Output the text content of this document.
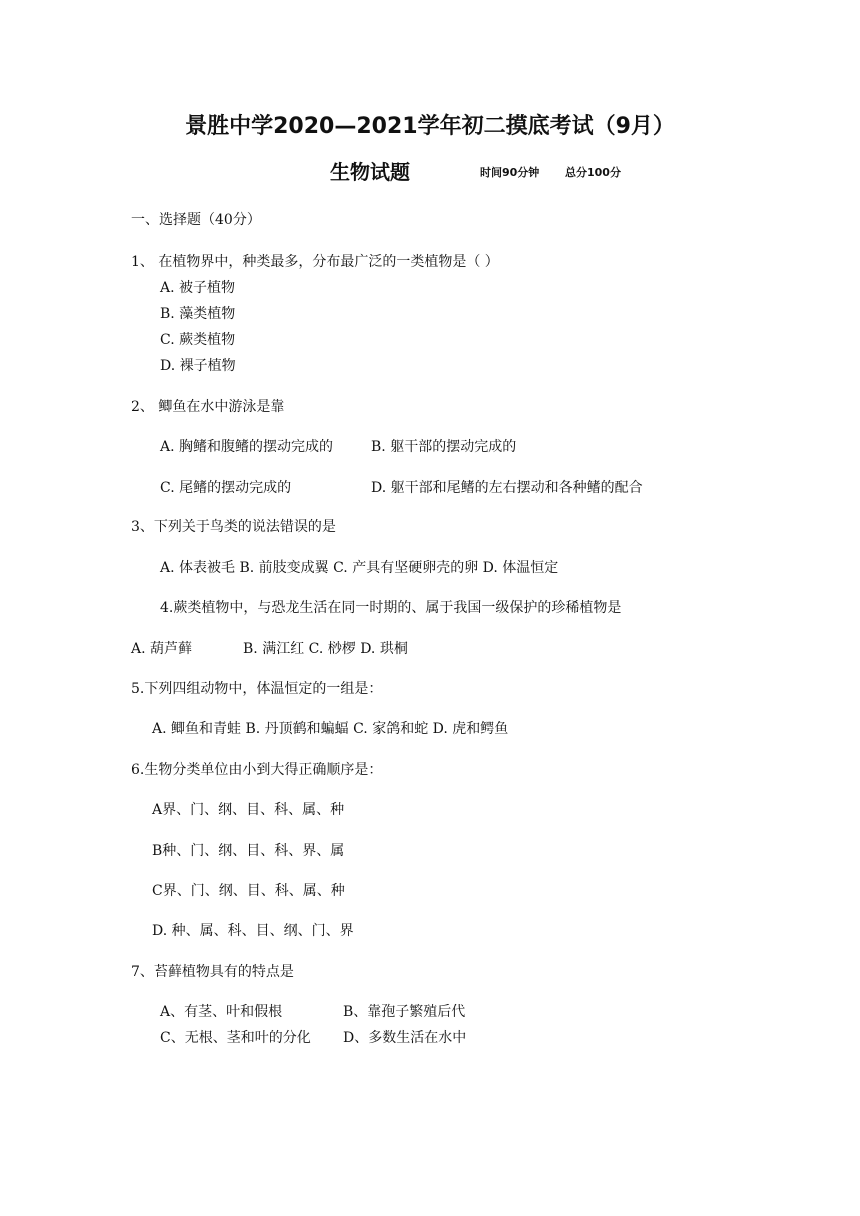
景胜中学2020—2021学年初二摸底考试（9月）
生物试题	时间90分钟 总分100分
一、选择题（40分）
1、 在植物界中，种类最多，分布最广泛的一类植物是（ ）
A. 被子植物
B. 藻类植物
C. 蕨类植物
D. 裸子植物
2、 鲫鱼在水中游泳是靠
A. 胸鳍和腹鳍的摆动完成的	B. 躯干部的摆动完成的
C. 尾鳍的摆动完成的	D. 躯干部和尾鳍的左右摆动和各种鳍的配合
3、下列关于鸟类的说法错误的是
A. 体表被毛 B. 前肢变成翼 C. 产具有坚硬卵壳的卵 D. 体温恒定
4.蕨类植物中，与恐龙生活在同一时期的、属于我国一级保护的珍稀植物是
A. 葫芦藓	B. 满江红 C. 桫椤 D. 珙桐
5.下列四组动物中，体温恒定的一组是：
A. 鲫鱼和青蛙 B. 丹顶鹤和蝙蝠 C. 家鸽和蛇 D. 虎和鳄鱼
6.生物分类单位由小到大得正确顺序是：
A界、门、纲、目、科、属、种
B种、门、纲、目、科、界、属
C界、门、纲、目、科、属、种
D. 种、属、科、目、纲、门、界
7、苔藓植物具有的特点是
A、有茎、叶和假根	B、靠孢子繁殖后代
C、无根、茎和叶的分化 D、多数生活在水中
